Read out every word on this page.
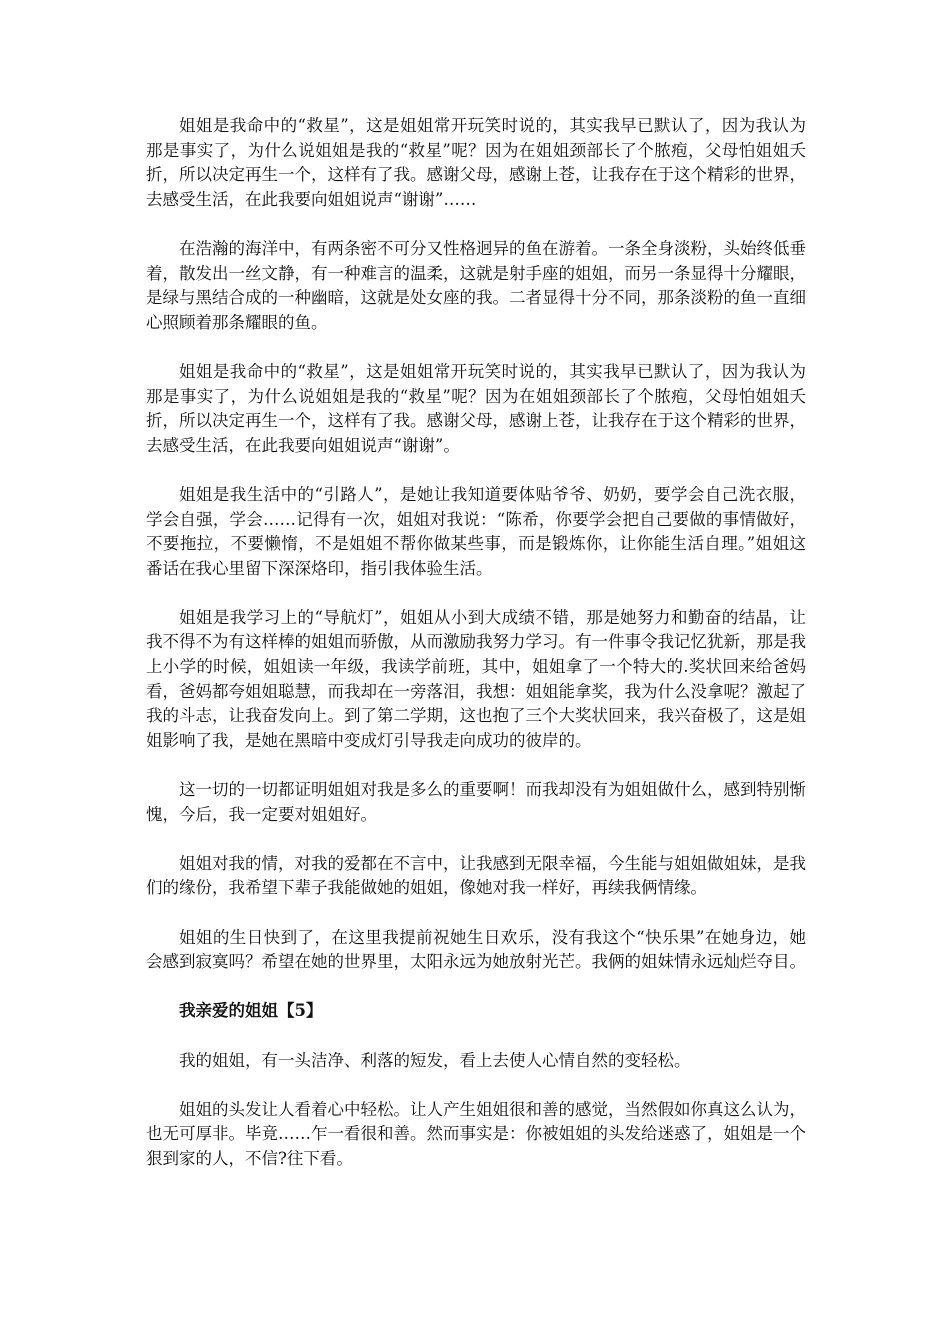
姐姐是我命中的“救星”，这是姐姐常开玩笑时说的，其实我早已默认了，因为我认为那是事实了，为什么说姐姐是我的“救星”呢？因为在姐姐颈部长了个脓疱，父母怕姐姐夭折，所以决定再生一个，这样有了我。感谢父母，感谢上苍，让我存在于这个精彩的世界，去感受生活，在此我要向姐姐说声“谢谢”……

在浩瀚的海洋中，有两条密不可分又性格迥异的鱼在游着。一条全身淡粉，头始终低垂着，散发出一丝文静，有一种难言的温柔，这就是射手座的姐姐，而另一条显得十分耀眼，是绿与黑结合成的一种幽暗，这就是处女座的我。二者显得十分不同，那条淡粉的鱼一直细心照顾着那条耀眼的鱼。

姐姐是我命中的“救星”，这是姐姐常开玩笑时说的，其实我早已默认了，因为我认为那是事实了，为什么说姐姐是我的“救星”呢？因为在姐姐颈部长了个脓疱，父母怕姐姐夭折，所以决定再生一个，这样有了我。感谢父母，感谢上苍，让我存在于这个精彩的世界，去感受生活，在此我要向姐姐说声“谢谢”。

姐姐是我生活中的“引路人”，是她让我知道要体贴爷爷、奶奶，要学会自己洗衣服，学会自强，学会……记得有一次，姐姐对我说：“陈希，你要学会把自己要做的事情做好，不要拖拉，不要懒惰，不是姐姐不帮你做某些事，而是锻炼你，让你能生活自理。”姐姐这番话在我心里留下深深烙印，指引我体验生活。

姐姐是我学习上的“导航灯”，姐姐从小到大成绩不错，那是她努力和勤奋的结晶，让我不得不为有这样棒的姐姐而骄傲，从而激励我努力学习。有一件事令我记忆犹新，那是我上小学的时候，姐姐读一年级，我读学前班，其中，姐姐拿了一个特大的.奖状回来给爸妈看，爸妈都夸姐姐聪慧，而我却在一旁落泪，我想：姐姐能拿奖，我为什么没拿呢？激起了我的斗志，让我奋发向上。到了第二学期，这也抱了三个大奖状回来，我兴奋极了，这是姐姐影响了我，是她在黑暗中变成灯引导我走向成功的彼岸的。

这一切的一切都证明姐姐对我是多么的重要啊！而我却没有为姐姐做什么，感到特别惭愧，今后，我一定要对姐姐好。

姐姐对我的情，对我的爱都在不言中，让我感到无限幸福，今生能与姐姐做姐妹，是我们的缘份，我希望下辈子我能做她的姐姐，像她对我一样好，再续我俩情缘。

姐姐的生日快到了，在这里我提前祝她生日欢乐，没有我这个“快乐果”在她身边，她会感到寂寞吗？希望在她的世界里，太阳永远为她放射光芒。我俩的姐妹情永远灿烂夺目。

我亲爱的姐姐【5】

我的姐姐，有一头洁净、利落的短发，看上去使人心情自然的变轻松。

姐姐的头发让人看着心中轻松。让人产生姐姐很和善的感觉，当然假如你真这么认为，也无可厚非。毕竟……乍一看很和善。然而事实是：你被姐姐的头发给迷惑了，姐姐是一个狠到家的人，不信?往下看。
